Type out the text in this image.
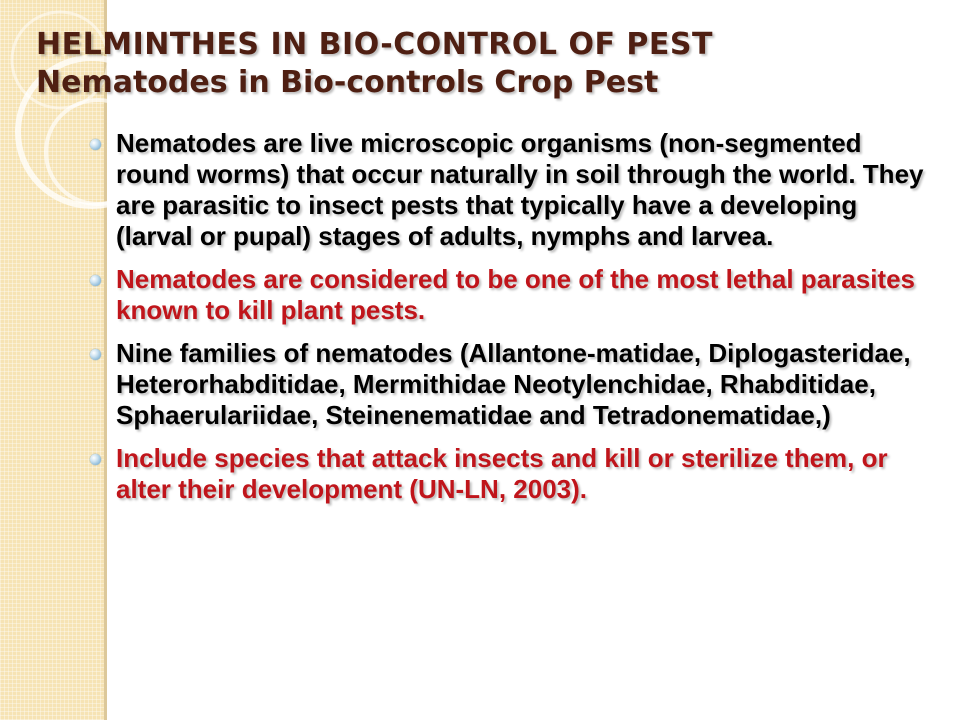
HELMINTHES IN BIO-CONTROL OF PEST
Nematodes in Bio-controls Crop Pest
Nematodes are live microscopic organisms (non-segmented round worms) that occur naturally in soil through the world. They are parasitic to insect pests that typically have a developing (larval or pupal) stages of adults, nymphs and larvea.
Nematodes are considered to be one of the most lethal parasites known to kill plant pests.
Nine families of nematodes (Allantone-matidae, Diplogasteridae, Heterorhabditidae, Mermithidae Neotylenchidae, Rhabditidae, Sphaerulariidae, Steinenematidae and Tetradonematidae,)
Include species that attack insects and kill or sterilize them, or alter their development (UN-LN, 2003).
